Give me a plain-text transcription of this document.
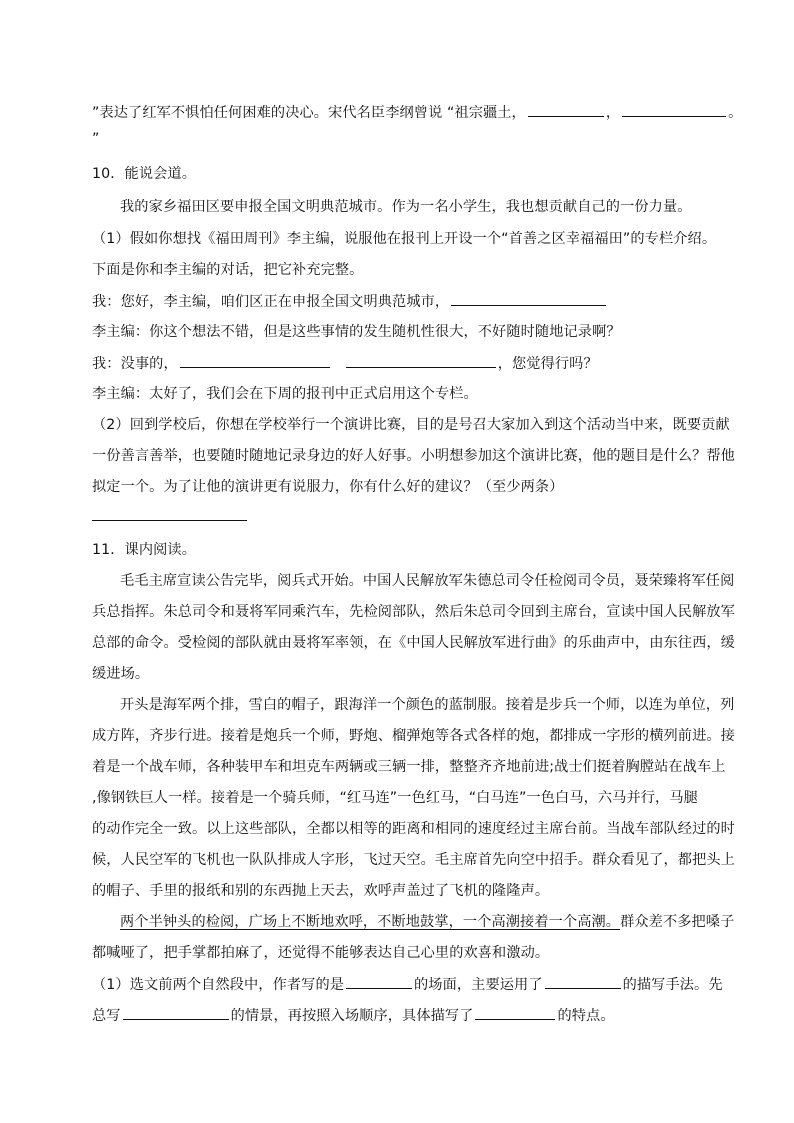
”表达了红军不惧怕任何困难的决心。宋代名臣李纲曾说 “祖宗疆土，	，	。
”
10．能说会道。
我的家乡福田区要申报全国文明典范城市。作为一名小学生，我也想贡献自己的一份力量。
（1）假如你想找《福田周刊》李主编，说服他在报刊上开设一个“首善之区幸福福田”的专栏介绍。
下面是你和李主编的对话，把它补充完整。
我：您好，李主编，咱们区正在申报全国文明典范城市，
李主编：你这个想法不错，但是这些事情的发生随机性很大，不好随时随地记录啊？
我：没事的，	，您觉得行吗？
李主编：太好了，我们会在下周的报刊中正式启用这个专栏。
（2）回到学校后，你想在学校举行一个演讲比赛，目的是号召大家加入到这个活动当中来，既要贡献
一份善言善举，也要随时随地记录身边的好人好事。小明想参加这个演讲比赛，他的题目是什么？帮他
拟定一个。为了让他的演讲更有说服力，你有什么好的建议？（至少两条）
11．课内阅读。
毛毛主席宣读公告完毕，阅兵式开始。中国人民解放军朱德总司令任检阅司令员，聂荣臻将军任阅
兵总指挥。朱总司令和聂将军同乘汽车，先检阅部队，然后朱总司令回到主席台，宣读中国人民解放军
总部的命令。受检阅的部队就由聂将军率领，在《中国人民解放军进行曲》的乐曲声中，由东往西，缓
缓进场。
开头是海军两个排，雪白的帽子，跟海洋一个颜色的蓝制服。接着是步兵一个师，以连为单位，列
成方阵，齐步行进。接着是炮兵一个师，野炮、榴弹炮等各式各样的炮，都排成一字形的横列前进。接
着是一个战车师，各种装甲车和坦克车两辆或三辆一排，整整齐齐地前进;战士们挺着胸膛站在战车上
,像钢铁巨人一样。接着是一个骑兵师，“红马连”一色红马，“白马连”一色白马，六马并行，马腿
的动作完全一致。以上这些部队，全都以相等的距离和相同的速度经过主席台前。当战车部队经过的时
候，人民空军的飞机也一队队排成人字形，飞过天空。毛主席首先向空中招手。群众看见了，都把头上
的帽子、手里的报纸和别的东西抛上天去，欢呼声盖过了飞机的隆隆声。
两个半钟头的检阅，广场上不断地欢呼，不断地鼓掌，一个高潮接着一个高潮。群众差不多把嗓子
都喊哑了，把手掌都拍麻了，还觉得不能够表达自己心里的欢喜和激动。
（1）选文前两个自然段中，作者写的是	的场面，主要运用了	的描写手法。先
总写	的情景，再按照入场顺序，具体描写了	的特点。
